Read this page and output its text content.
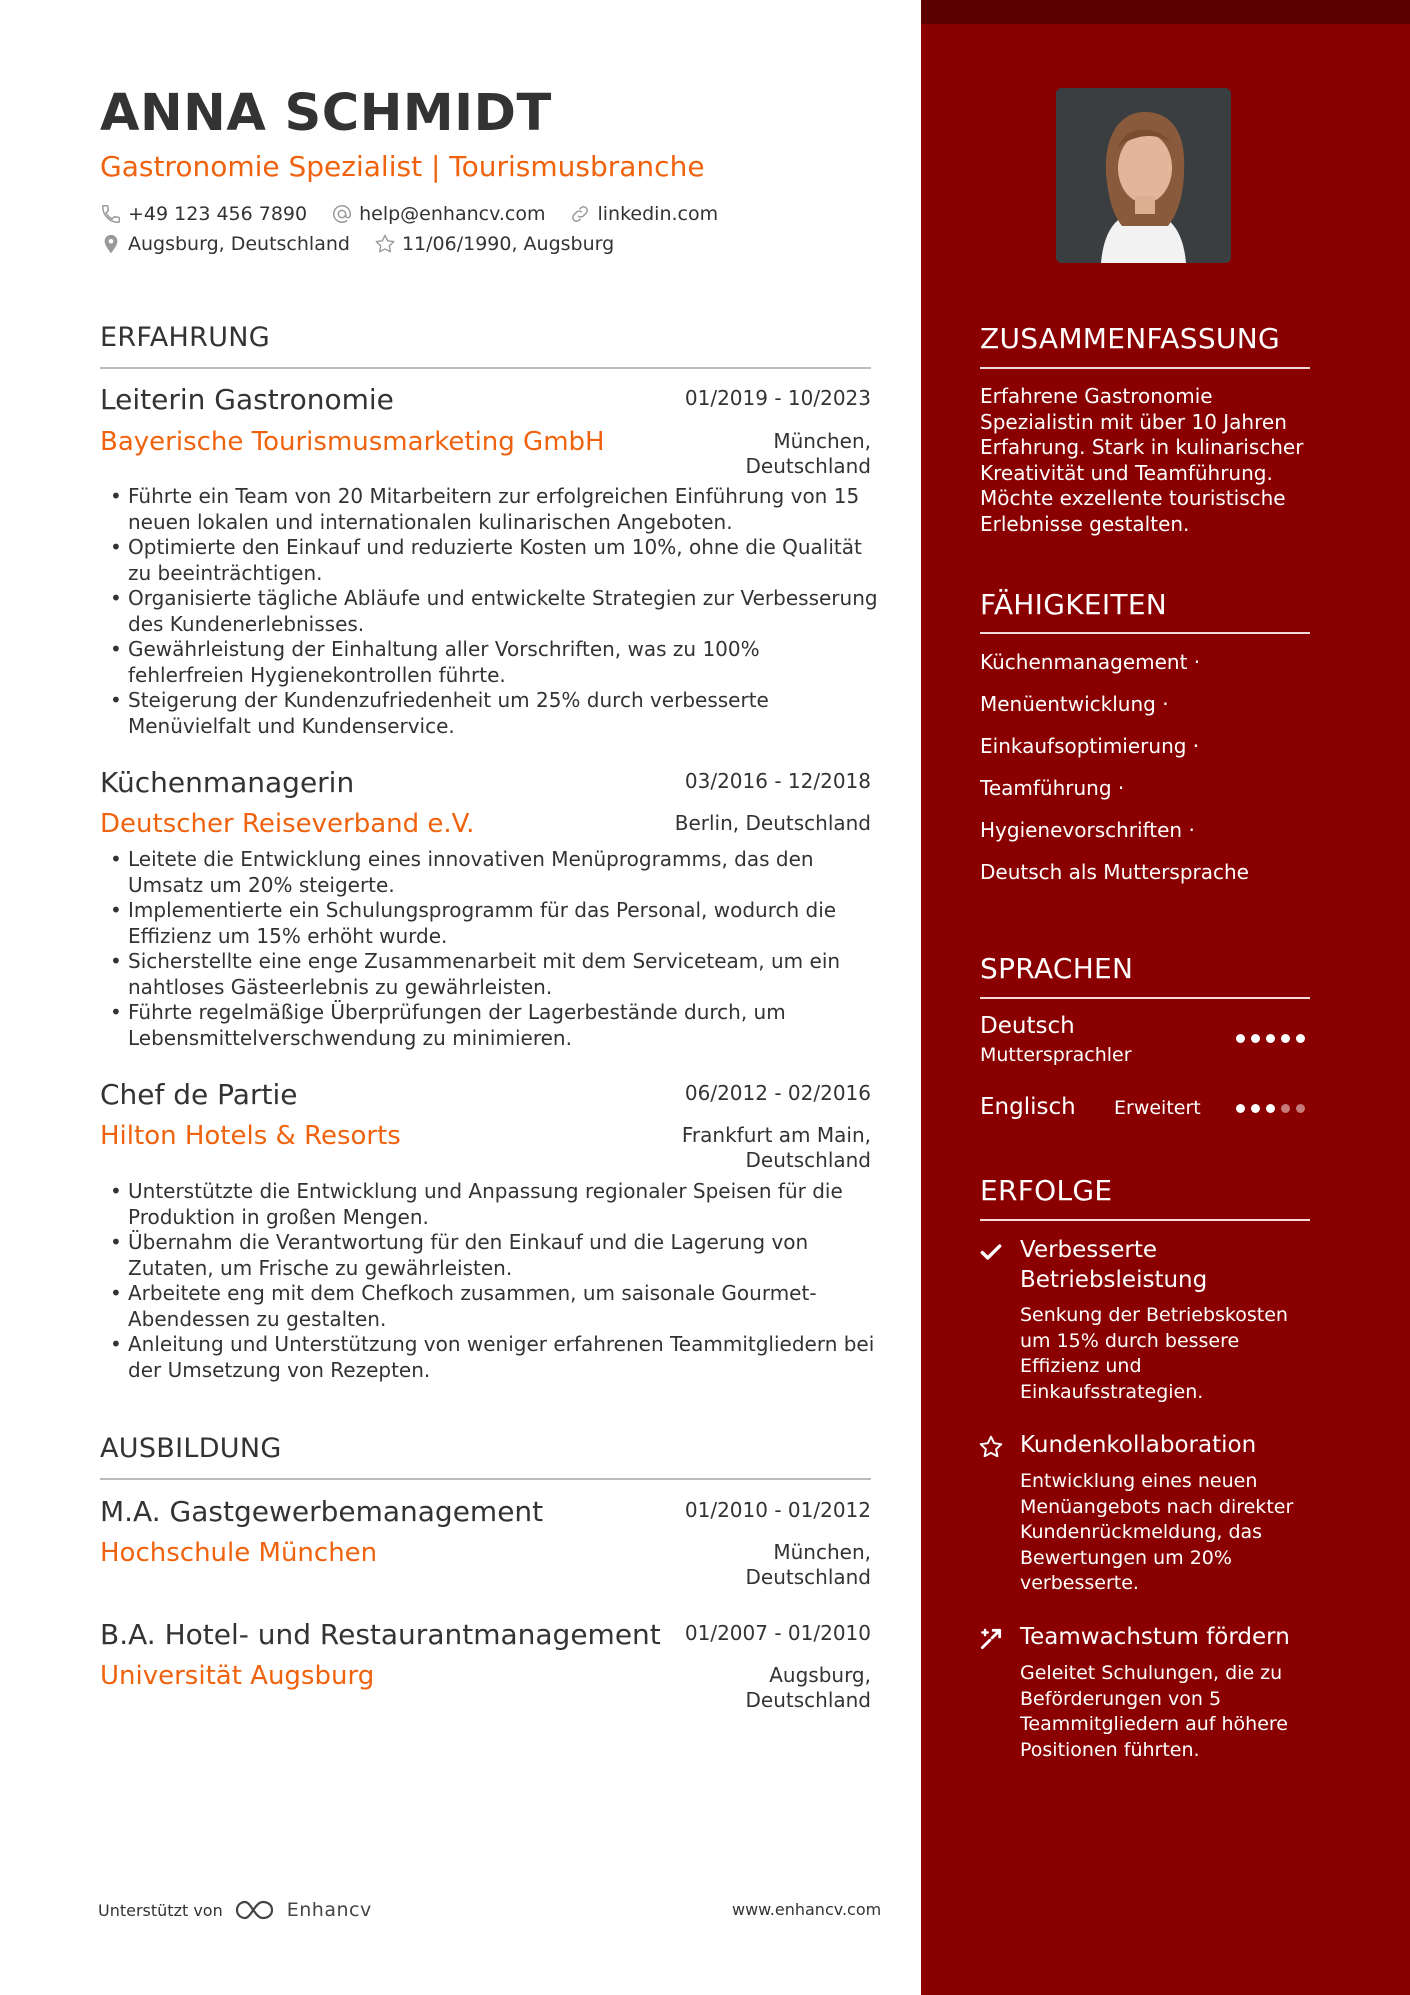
ANNA SCHMIDT
Gastronomie Spezialist | Tourismusbranche
+49 123 456 7890	help@enhancv.com	linkedin.com
Augsburg, Deutschland	11/06/1990, Augsburg
ERFAHRUNG
Leiterin Gastronomie	01/2019 - 10/2023
Bayerische Tourismusmarketing GmbH	München,
Deutschland
• Führte ein Team von 20 Mitarbeitern zur erfolgreichen Einführung von 15 neuen lokalen und internationalen kulinarischen Angeboten.
• Optimierte den Einkauf und reduzierte Kosten um 10%, ohne die Qualität zu beeinträchtigen.
• Organisierte tägliche Abläufe und entwickelte Strategien zur Verbesserung des Kundenerlebnisses.
• Gewährleistung der Einhaltung aller Vorschriften, was zu 100% fehlerfreien Hygienekontrollen führte.
• Steigerung der Kundenzufriedenheit um 25% durch verbesserte Menüvielfalt und Kundenservice.
Küchenmanagerin	03/2016 - 12/2018
Deutscher Reiseverband e.V.	Berlin, Deutschland
• Leitete die Entwicklung eines innovativen Menüprogramms, das den Umsatz um 20% steigerte.
• Implementierte ein Schulungsprogramm für das Personal, wodurch die Effizienz um 15% erhöht wurde.
• Sicherstellte eine enge Zusammenarbeit mit dem Serviceteam, um ein nahtloses Gästeerlebnis zu gewährleisten.
• Führte regelmäßige Überprüfungen der Lagerbestände durch, um Lebensmittelverschwendung zu minimieren.
Chef de Partie	06/2012 - 02/2016
Hilton Hotels & Resorts	Frankfurt am Main,
Deutschland
• Unterstützte die Entwicklung und Anpassung regionaler Speisen für die Produktion in großen Mengen.
• Übernahm die Verantwortung für den Einkauf und die Lagerung von Zutaten, um Frische zu gewährleisten.
• Arbeitete eng mit dem Chefkoch zusammen, um saisonale Gourmet-Abendessen zu gestalten.
• Anleitung und Unterstützung von weniger erfahrenen Teammitgliedern bei der Umsetzung von Rezepten.
AUSBILDUNG
M.A. Gastgewerbemanagement	01/2010 - 01/2012
Hochschule München	München,
Deutschland
B.A. Hotel- und Restaurantmanagement 01/2007 - 01/2010
Universität Augsburg	Augsburg,
Deutschland
ZUSAMMENFASSUNG
Erfahrene Gastronomie Spezialistin mit über 10 Jahren Erfahrung. Stark in kulinarischer Kreativität und Teamführung. Möchte exzellente touristische Erlebnisse gestalten.
FÄHIGKEITEN
Küchenmanagement ·
Menüentwicklung ·
Einkaufsoptimierung ·
Teamführung ·
Hygienevorschriften ·
Deutsch als Muttersprache
SPRACHEN
Deutsch
Muttersprachler
Englisch Erweitert
ERFOLGE
Verbesserte Betriebsleistung
Senkung der Betriebskosten um 15% durch bessere Effizienz und Einkaufsstrategien.
Kundenkollaboration
Entwicklung eines neuen Menüangebots nach direkter Kundenrückmeldung, das Bewertungen um 20% verbesserte.
Teamwachstum fördern
Geleitet Schulungen, die zu Beförderungen von 5 Teammitgliedern auf höhere Positionen führten.
Unterstützt von	Enhancv	www.enhancv.com
